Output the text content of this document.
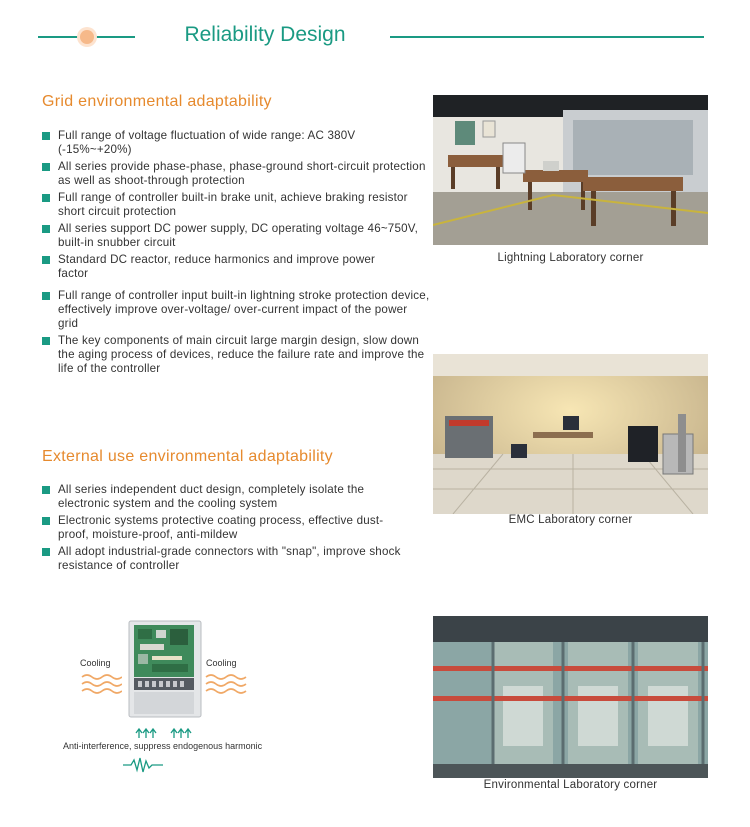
Reliability Design
Grid environmental adaptability
Full range of voltage fluctuation of wide range: AC 380V
(-15%~+20%)
All series provide phase-phase, phase-ground short-circuit protection as well as shoot-through protection
Full range of controller built-in brake unit, achieve braking resistor short circuit protection
All series support DC power supply, DC operating voltage 46~750V, built-in snubber circuit
Standard DC reactor, reduce harmonics and improve power
factor
Full range of controller input built-in lightning stroke protection device, effectively improve over-voltage/ over-current impact of the power grid
The key components of main circuit large margin design, slow down the aging process of devices, reduce the failure rate and improve the life of the controller
External use environmental adaptability
All series independent duct design, completely isolate the electronic system and the cooling system
Electronic systems protective coating process, effective dust-proof, moisture-proof, anti-mildew
All adopt industrial-grade connectors with "snap", improve shock resistance of controller
Cooling	Cooling
Anti-interference, suppress endogenous harmonic
Lightning Laboratory corner
EMC Laboratory corner
Environmental Laboratory corner
